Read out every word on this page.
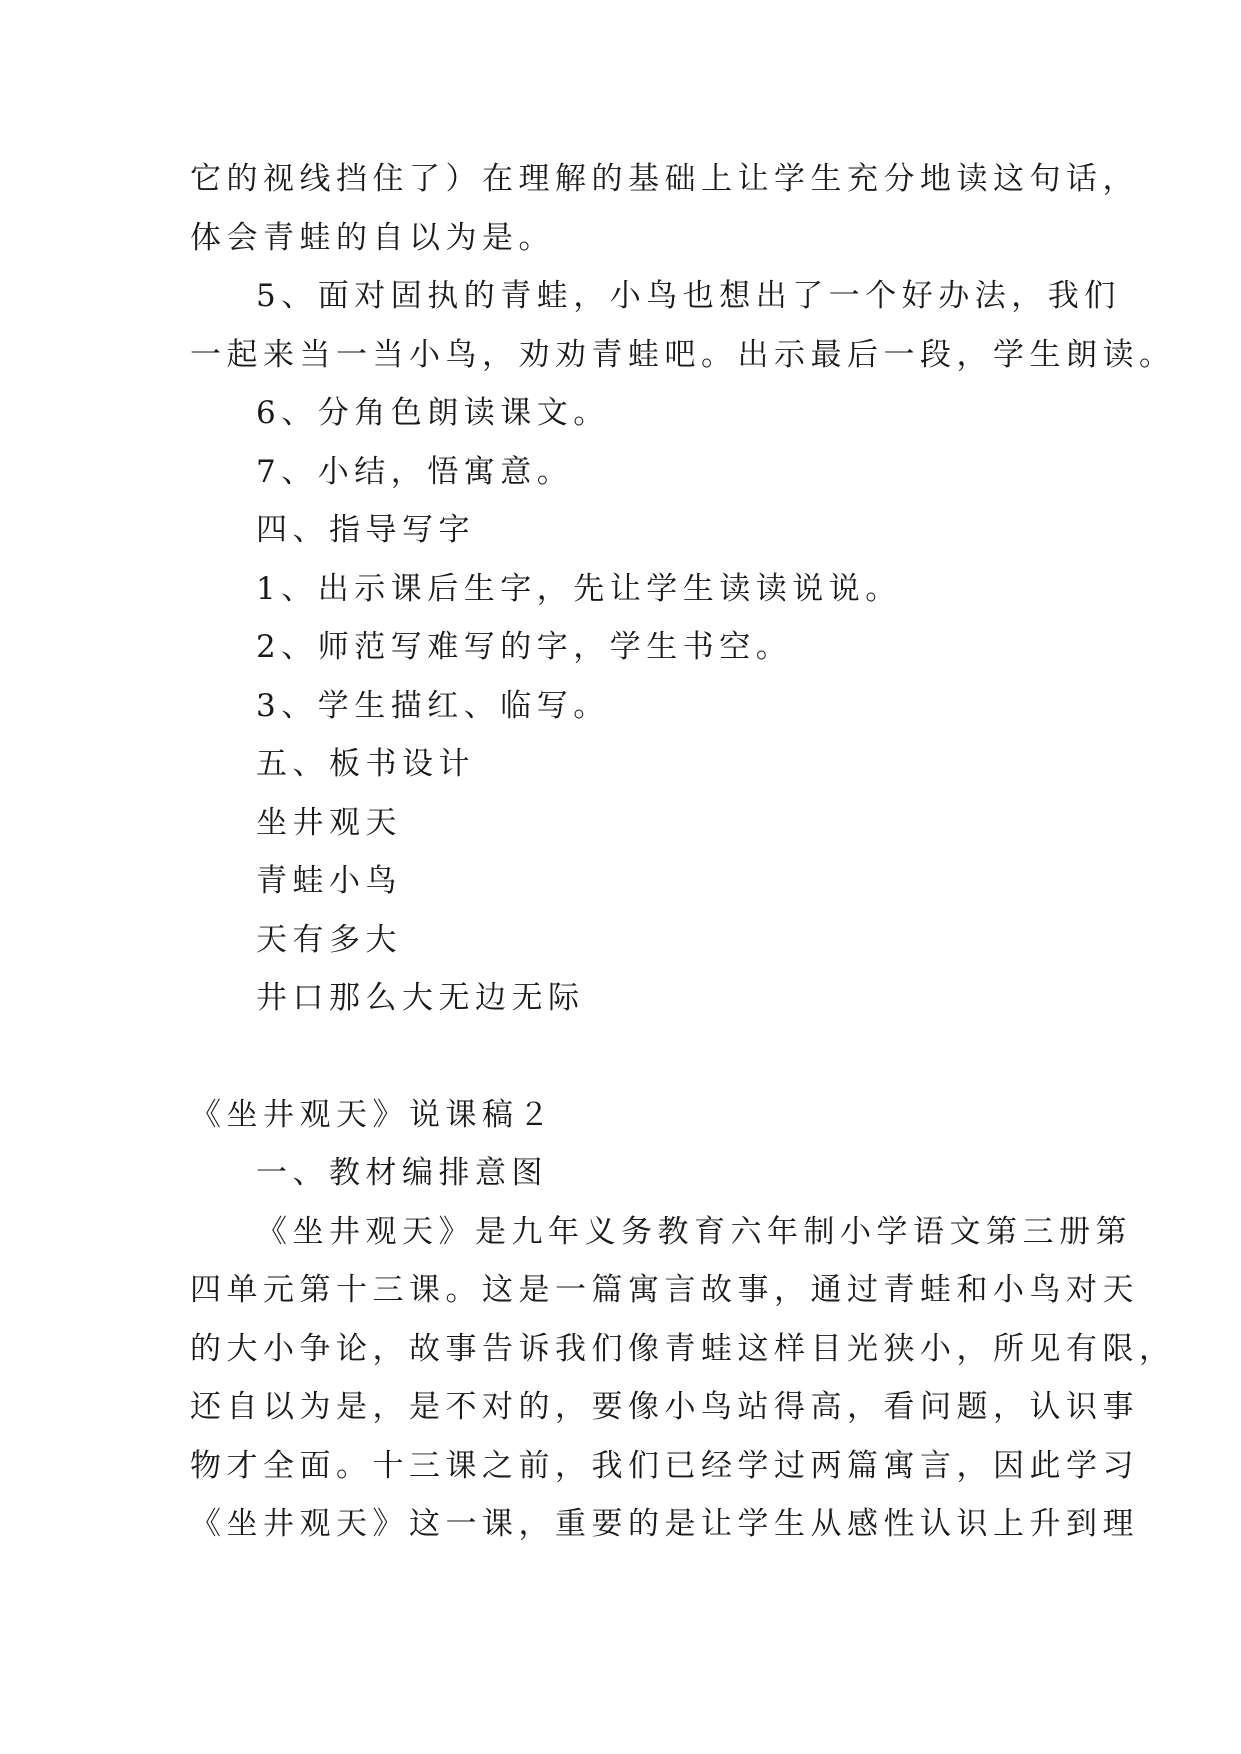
它的视线挡住了）在理解的基础上让学生充分地读这句话，
体会青蛙的自以为是。
5、面对固执的青蛙，小鸟也想出了一个好办法，我们
一起来当一当小鸟，劝劝青蛙吧。出示最后一段，学生朗读。
6、分角色朗读课文。
7、小结，悟寓意。
四、指导写字
1、出示课后生字，先让学生读读说说。
2、师范写难写的字，学生书空。
3、学生描红、临写。
五、板书设计
坐井观天
青蛙小鸟
天有多大
井口那么大无边无际
《坐井观天》说课稿２
一、教材编排意图
《坐井观天》是九年义务教育六年制小学语文第三册第
四单元第十三课。这是一篇寓言故事，通过青蛙和小鸟对天
的大小争论，故事告诉我们像青蛙这样目光狭小，所见有限，
还自以为是，是不对的，要像小鸟站得高，看问题，认识事
物才全面。十三课之前，我们已经学过两篇寓言，因此学习
《坐井观天》这一课，重要的是让学生从感性认识上升到理
